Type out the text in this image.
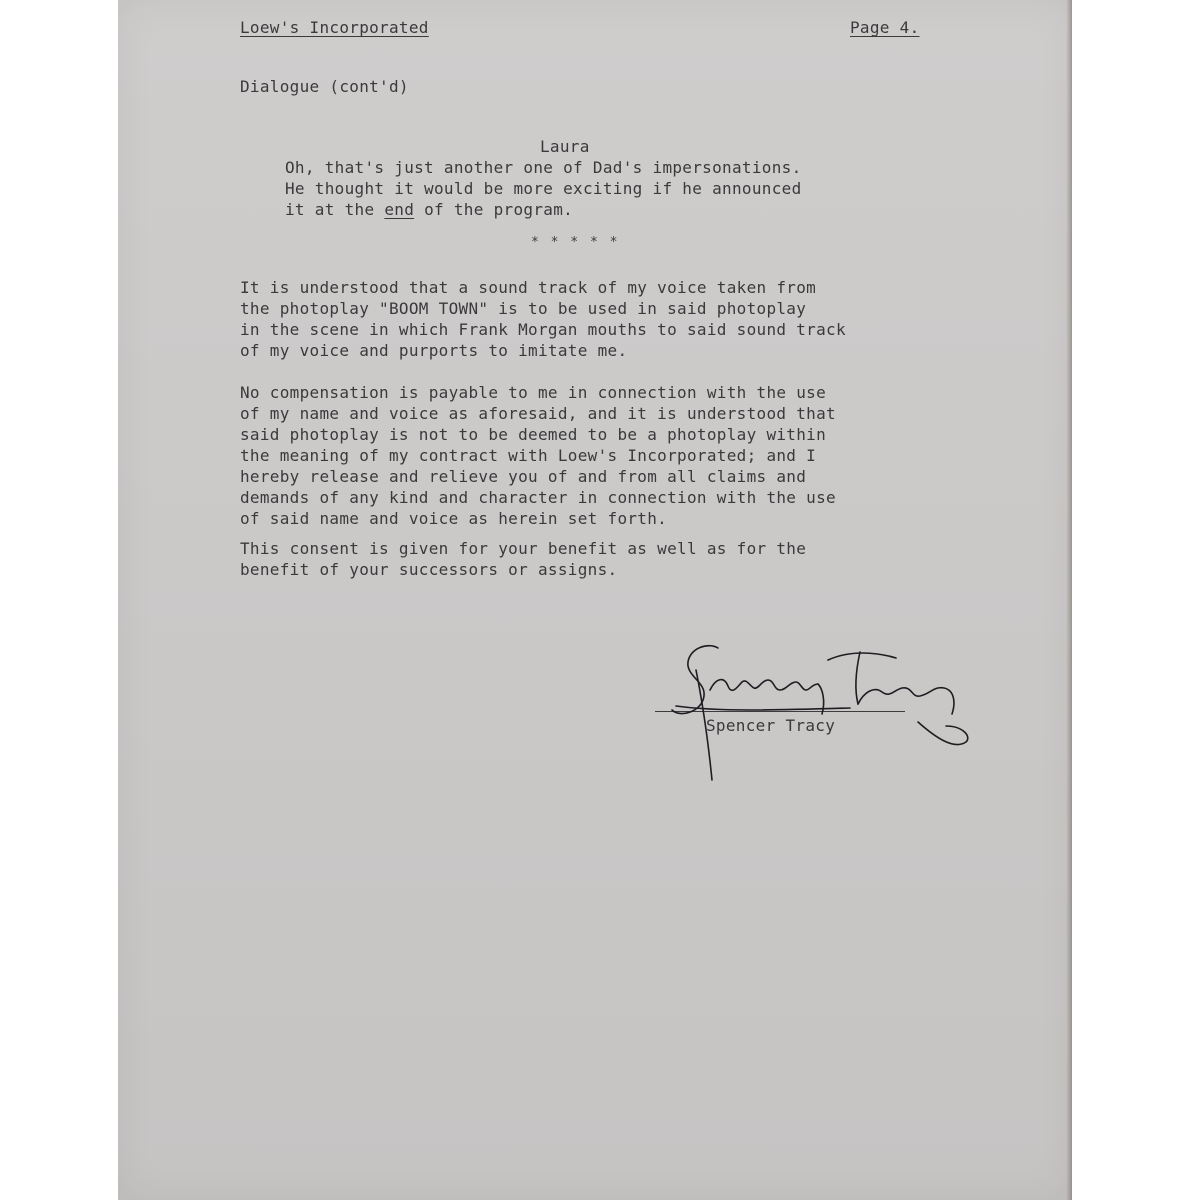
Loew's Incorporated	Page 4.
Dialogue (cont'd)
Laura
Oh, that's just another one of Dad's impersonations.
He thought it would be more exciting if he announced
it at the end of the program.
* * * * *
It is understood that a sound track of my voice taken from
the photoplay "BOOM TOWN" is to be used in said photoplay
in the scene in which Frank Morgan mouths to said sound track
of my voice and purports to imitate me.
No compensation is payable to me in connection with the use
of my name and voice as aforesaid, and it is understood that
said photoplay is not to be deemed to be a photoplay within
the meaning of my contract with Loew's Incorporated; and I
hereby release and relieve you of and from all claims and
demands of any kind and character in connection with the use
of said name and voice as herein set forth.
This consent is given for your benefit as well as for the
benefit of your successors or assigns.
Spencer Tracy
